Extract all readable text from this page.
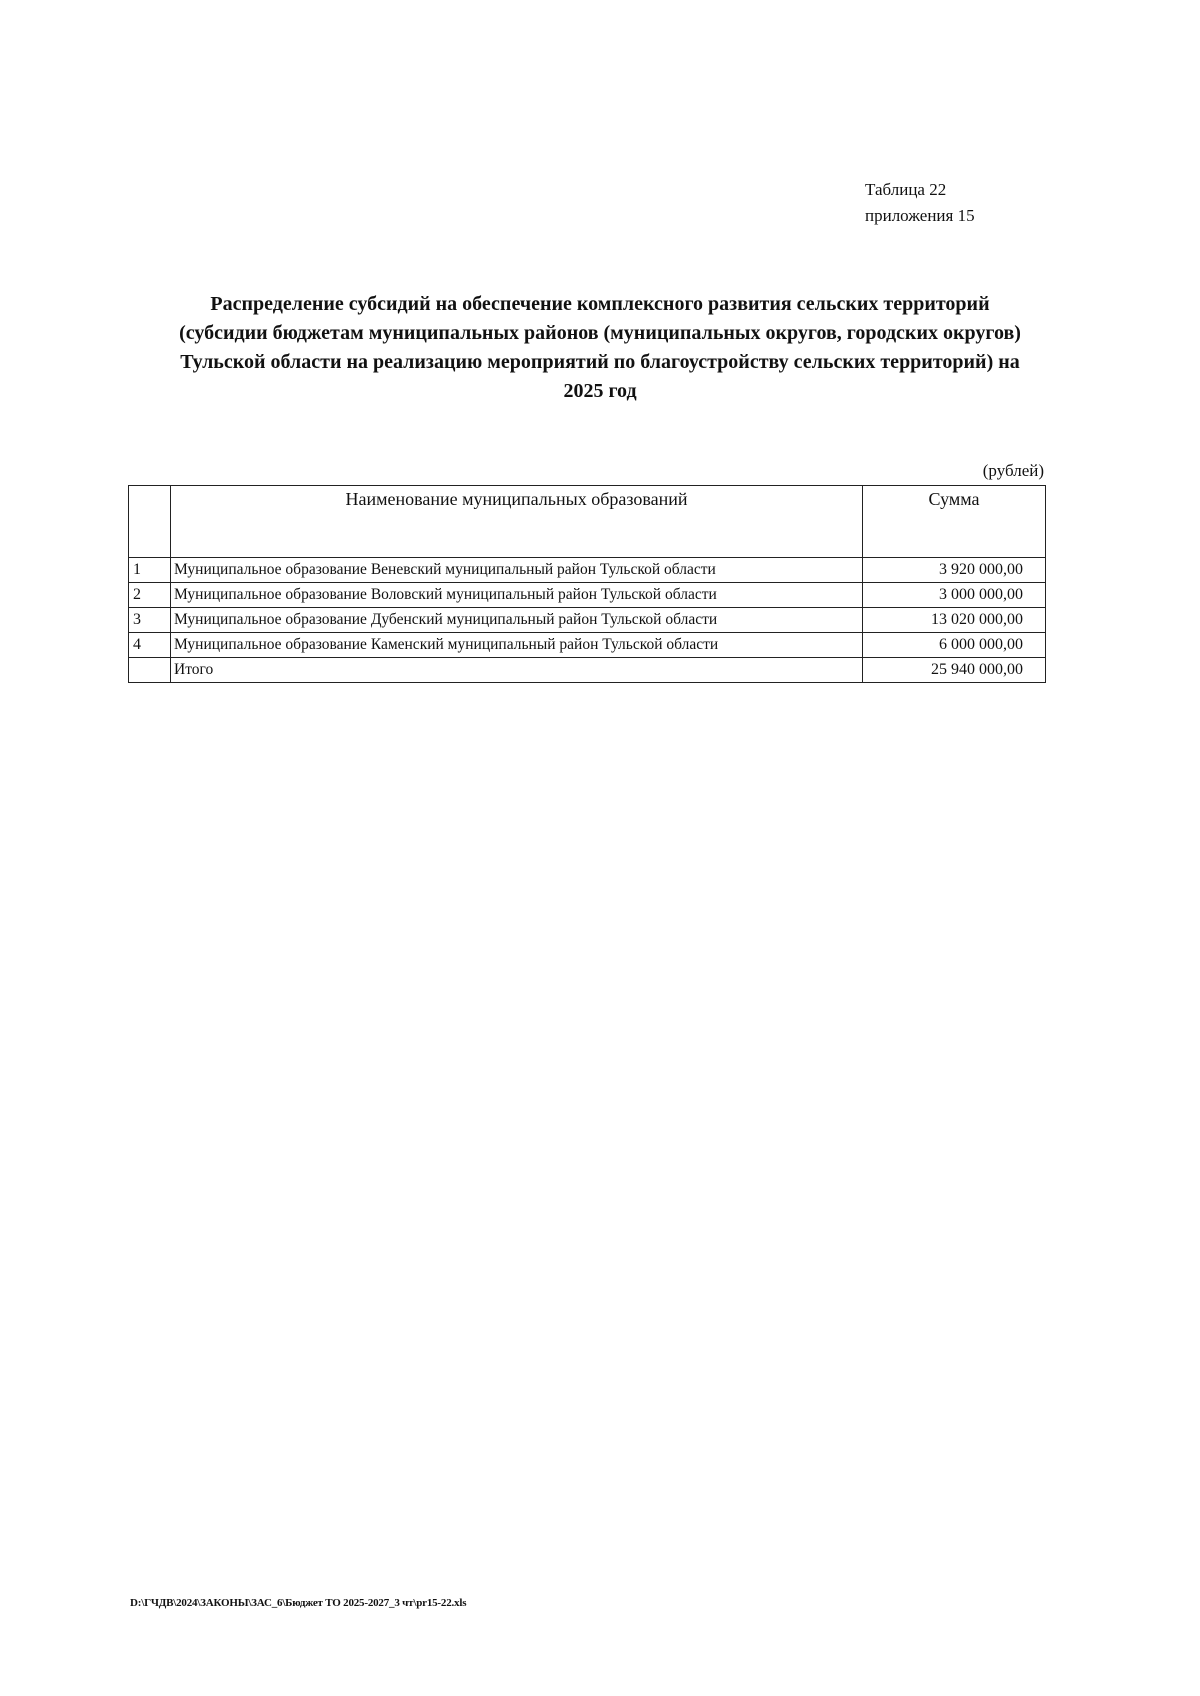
Таблица 22
приложения 15
Распределение субсидий на обеспечение комплексного развития сельских территорий
(субсидии бюджетам муниципальных районов (муниципальных округов, городских округов)
Тульской области на реализацию мероприятий по благоустройству сельских территорий) на
2025 год
(рублей)
	Наименование муниципальных образований	Сумма
1	Муниципальное образование Веневский муниципальный район Тульской области	3 920 000,00
2	Муниципальное образование Воловский муниципальный район Тульской области	3 000 000,00
3	Муниципальное образование Дубенский муниципальный район Тульской области	13 020 000,00
4	Муниципальное образование Каменский муниципальный район Тульской области	6 000 000,00
	Итого	25 940 000,00
D:\ГЧДВ\2024\ЗАКОНЫ\ЗАС_6\Бюджет ТО 2025-2027_3 чт\pr15-22.xls
